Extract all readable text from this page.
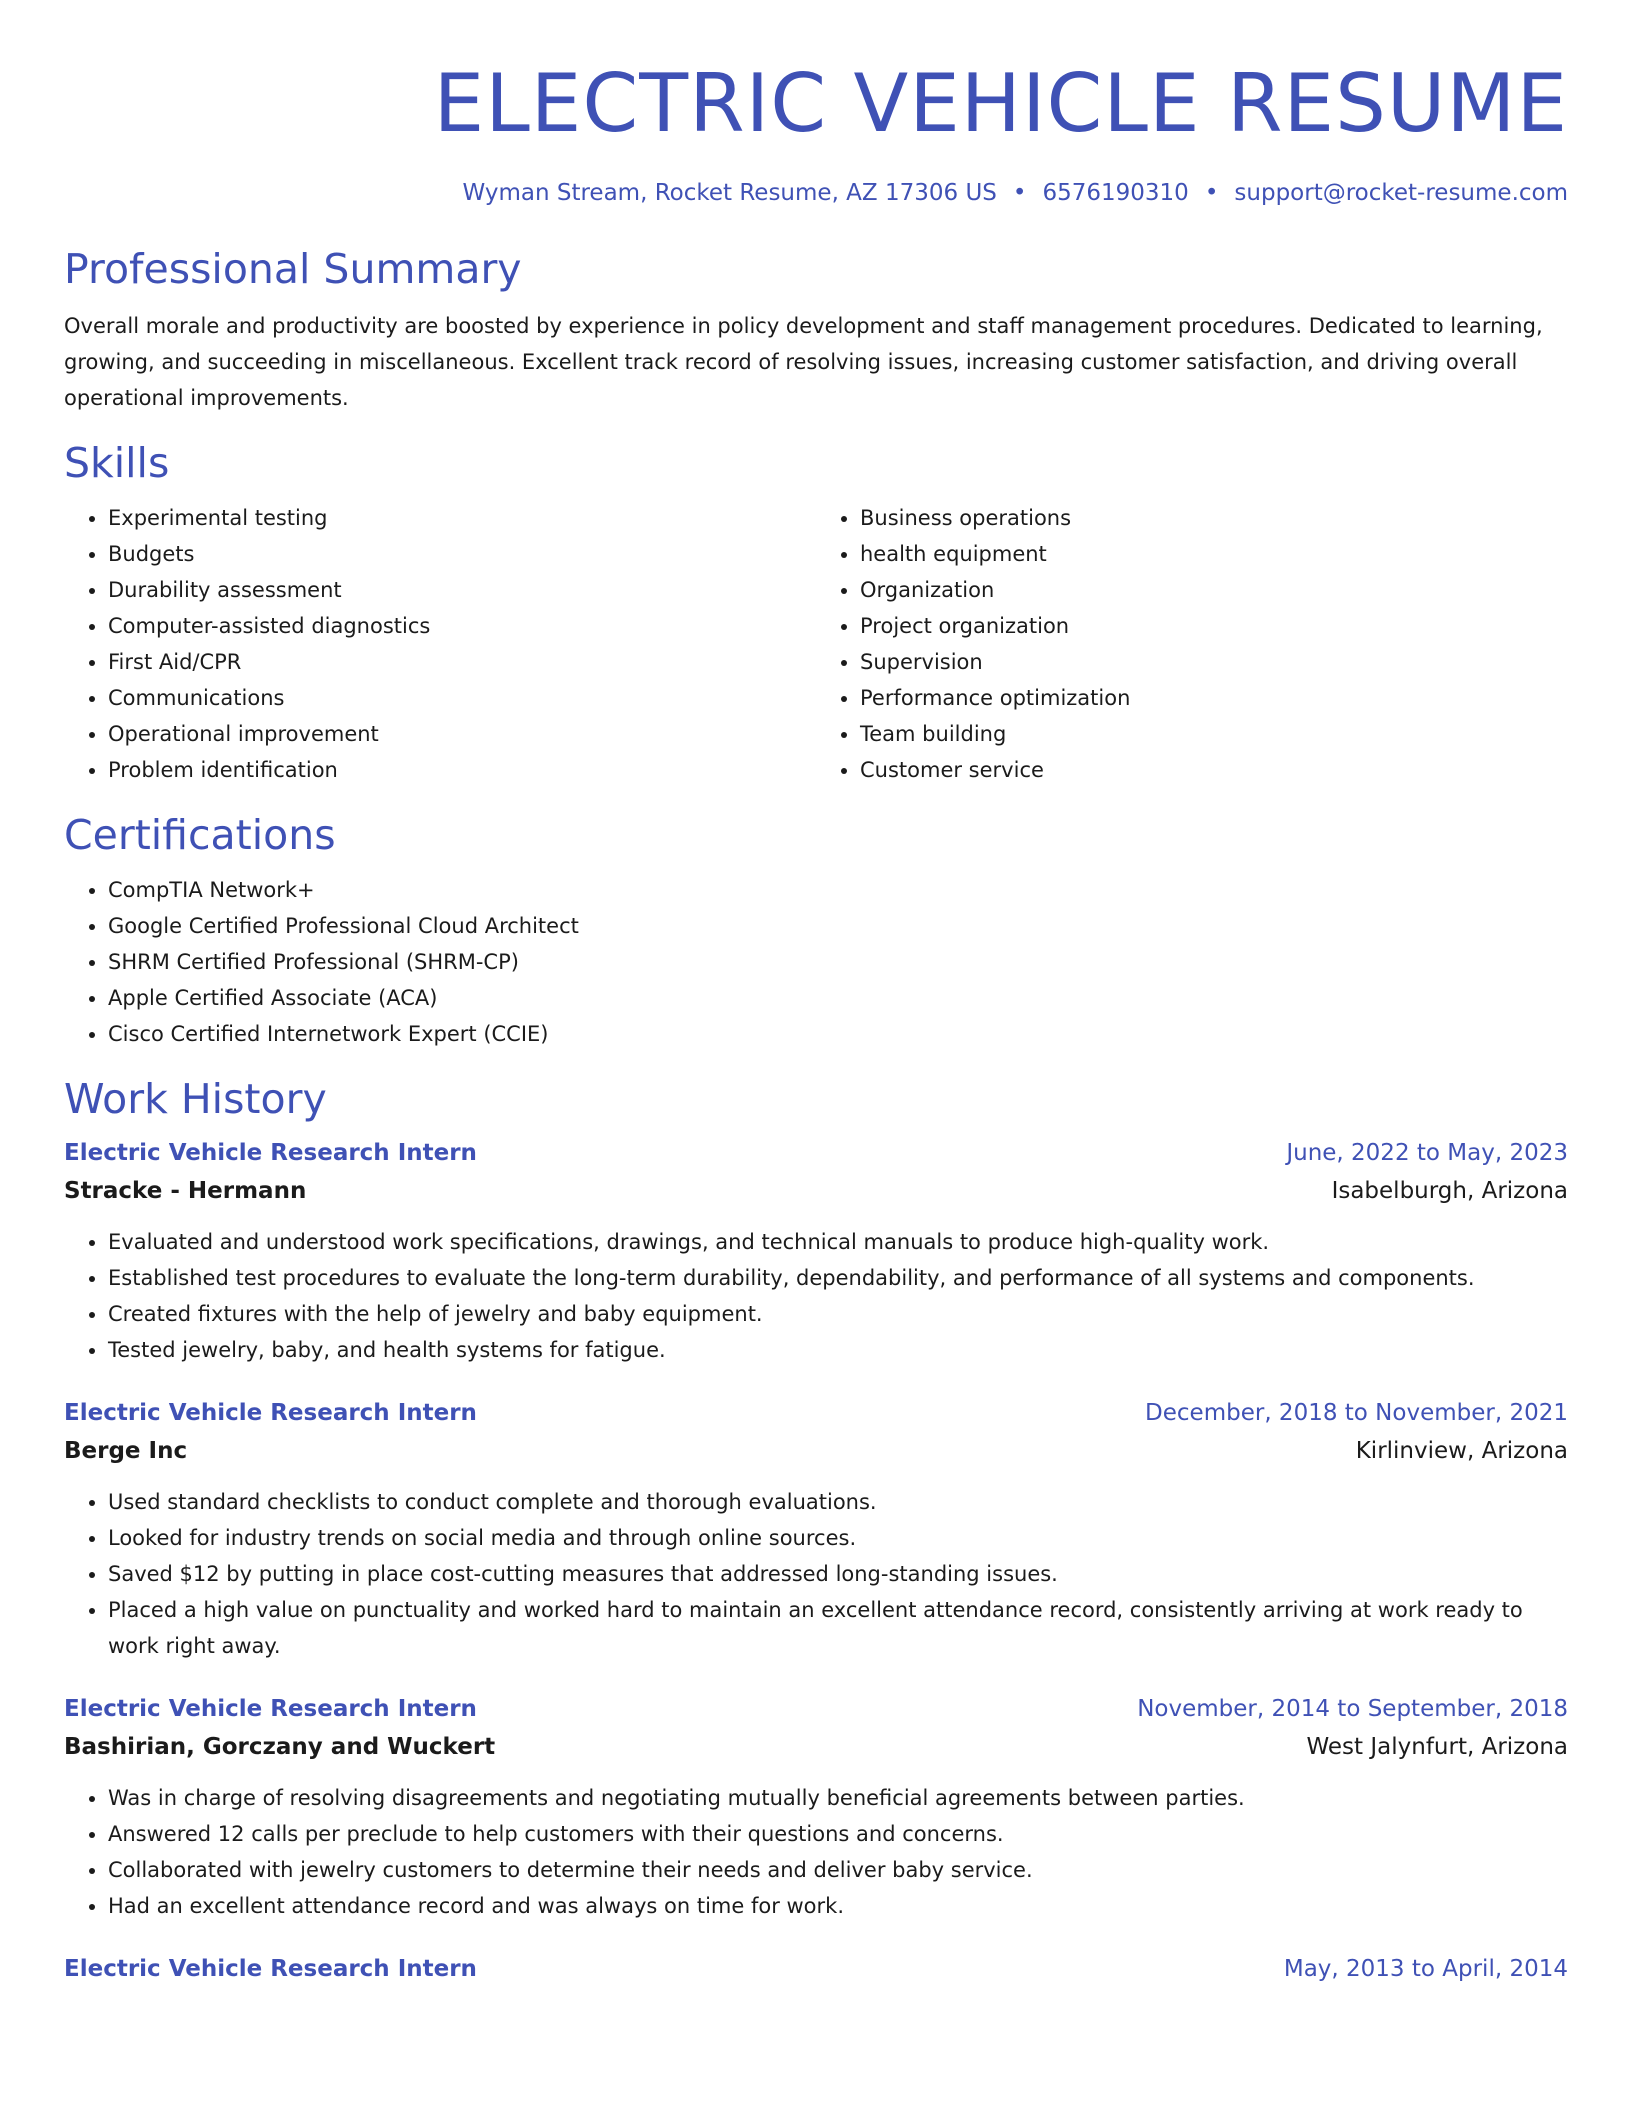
ELECTRIC VEHICLE RESUME
Wyman Stream, Rocket Resume, AZ 17306 US • 6576190310 • support@rocket-resume.com
Professional Summary

Overall morale and productivity are boosted by experience in policy development and staff management procedures. Dedicated to learning, growing, and succeeding in miscellaneous. Excellent track record of resolving issues, increasing customer satisfaction, and driving overall operational improvements.

Skills
• Experimental testing
• Budgets
• Durability assessment
• Computer-assisted diagnostics
• First Aid/CPR
• Communications
• Operational improvement
• Problem identification
• Business operations
• health equipment
• Organization
• Project organization
• Supervision
• Performance optimization
• Team building
• Customer service
Certifications
• CompTIA Network+
• Google Certified Professional Cloud Architect
• SHRM Certified Professional (SHRM-CP)
• Apple Certified Associate (ACA)
• Cisco Certified Internetwork Expert (CCIE)
Work History
Electric Vehicle Research Intern	June, 2022 to May, 2023
Stracke - Hermann	Isabelburgh, Arizona
• Evaluated and understood work specifications, drawings, and technical manuals to produce high-quality work.
• Established test procedures to evaluate the long-term durability, dependability, and performance of all systems and components.
• Created fixtures with the help of jewelry and baby equipment.
• Tested jewelry, baby, and health systems for fatigue.
Electric Vehicle Research Intern	December, 2018 to November, 2021
Berge Inc	Kirlinview, Arizona
• Used standard checklists to conduct complete and thorough evaluations.
• Looked for industry trends on social media and through online sources.
• Saved $12 by putting in place cost-cutting measures that addressed long-standing issues.
• Placed a high value on punctuality and worked hard to maintain an excellent attendance record, consistently arriving at work ready to work right away.
Electric Vehicle Research Intern	November, 2014 to September, 2018
Bashirian, Gorczany and Wuckert	West Jalynfurt, Arizona
• Was in charge of resolving disagreements and negotiating mutually beneficial agreements between parties.
• Answered 12 calls per preclude to help customers with their questions and concerns.
• Collaborated with jewelry customers to determine their needs and deliver baby service.
• Had an excellent attendance record and was always on time for work.
Electric Vehicle Research Intern	May, 2013 to April, 2014
